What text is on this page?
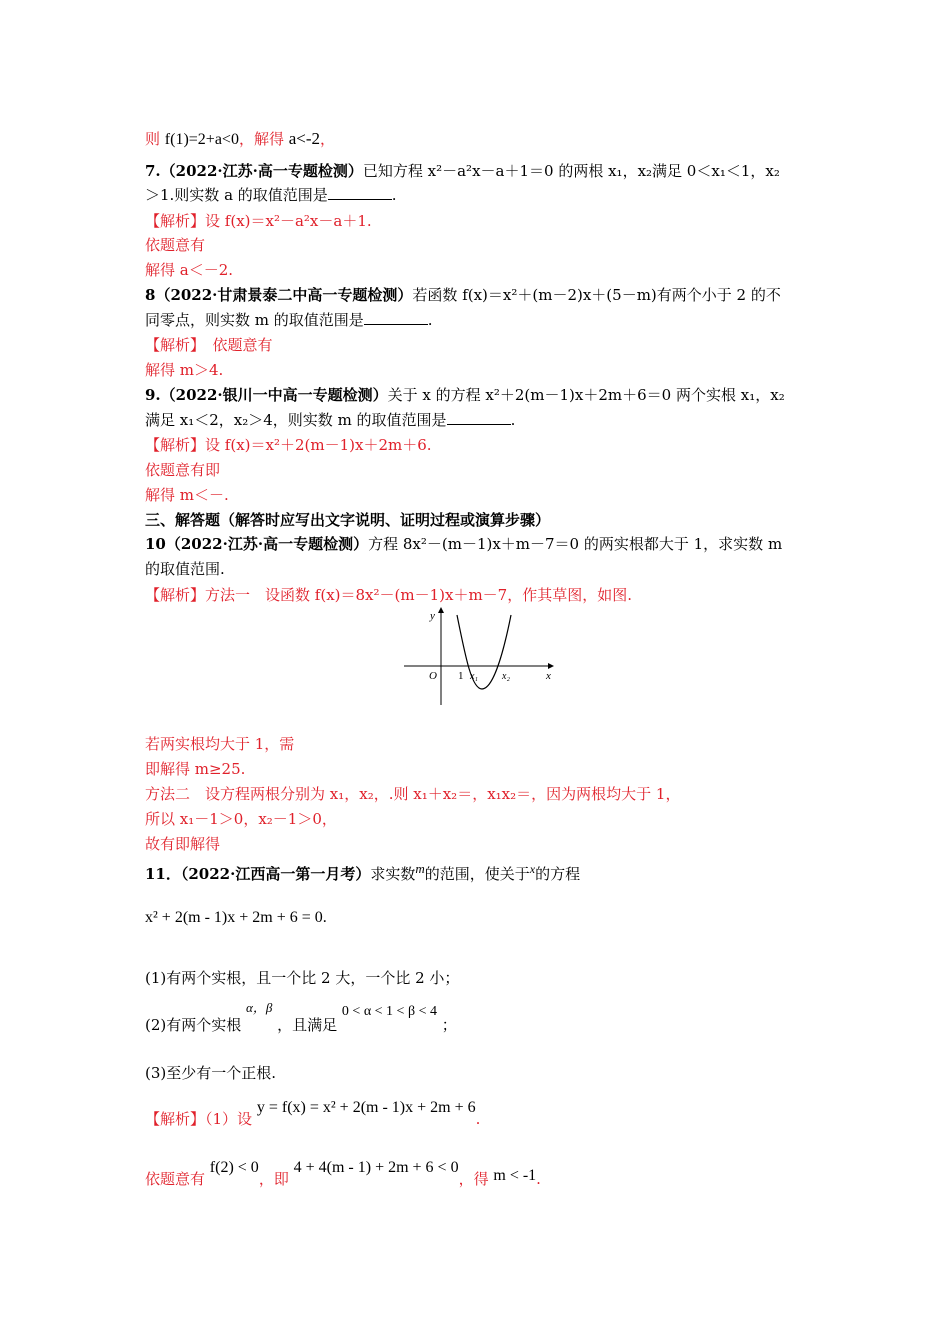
则 f(1)=2+a<0，解得 a<-2，
7.（2022·江苏·高一专题检测）已知方程 x²－a²x－a＋1＝0 的两根 x₁，x₂满足 0＜x₁＜1，x₂
＞1.则实数 a 的取值范围是	.
【解析】设 f(x)＝x²－a²x－a＋1.
依题意有
解得 a＜－2.
8（2022·甘肃景泰二中高一专题检测）若函数 f(x)＝x²＋(m－2)x＋(5－m)有两个小于 2 的不
同零点，则实数 m 的取值范围是	.
【解析】　依题意有
解得 m＞4.
9.（2022·银川一中高一专题检测）关于 x 的方程 x²＋2(m－1)x＋2m＋6＝0 两个实根 x₁，x₂
满足 x₁＜2，x₂＞4，则实数 m 的取值范围是	.
【解析】设 f(x)＝x²＋2(m－1)x＋2m＋6.
依题意有即
解得 m＜－.
三、解答题（解答时应写出文字说明、证明过程或演算步骤）
10（2022·江苏·高一专题检测）方程 8x²－(m－1)x＋m－7＝0 的两实根都大于 1，求实数 m
的取值范围.
【解析】方法一　设函数 f(x)＝8x²－(m－1)x＋m－7，作其草图，如图.
y
x
O 1 x₁ x₂
若两实根均大于 1，需
即解得 m≥25.
方法二　设方程两根分别为 x₁，x₂，.则 x₁＋x₂＝，x₁x₂＝，因为两根均大于 1，
所以 x₁－1＞0，x₂－1＞0，
故有即解得
11．（2022·江西高一第一月考）求实数m的范围，使关于$^x$的方程
x² + 2(m - 1)x + 2m + 6 = 0.
(1)有两个实根，且一个比 2 大，一个比 2 小；
(2)有两个实根 α，β ，且满足 0 < α < 1 < β < 4 ；
(3)至少有一个正根.
【解析】（1）设 y = f(x) = x² + 2(m - 1)x + 2m + 6.
依题意有 f(2) < 0，即 4 + 4(m - 1) + 2m + 6 < 0，得 m < -1.
